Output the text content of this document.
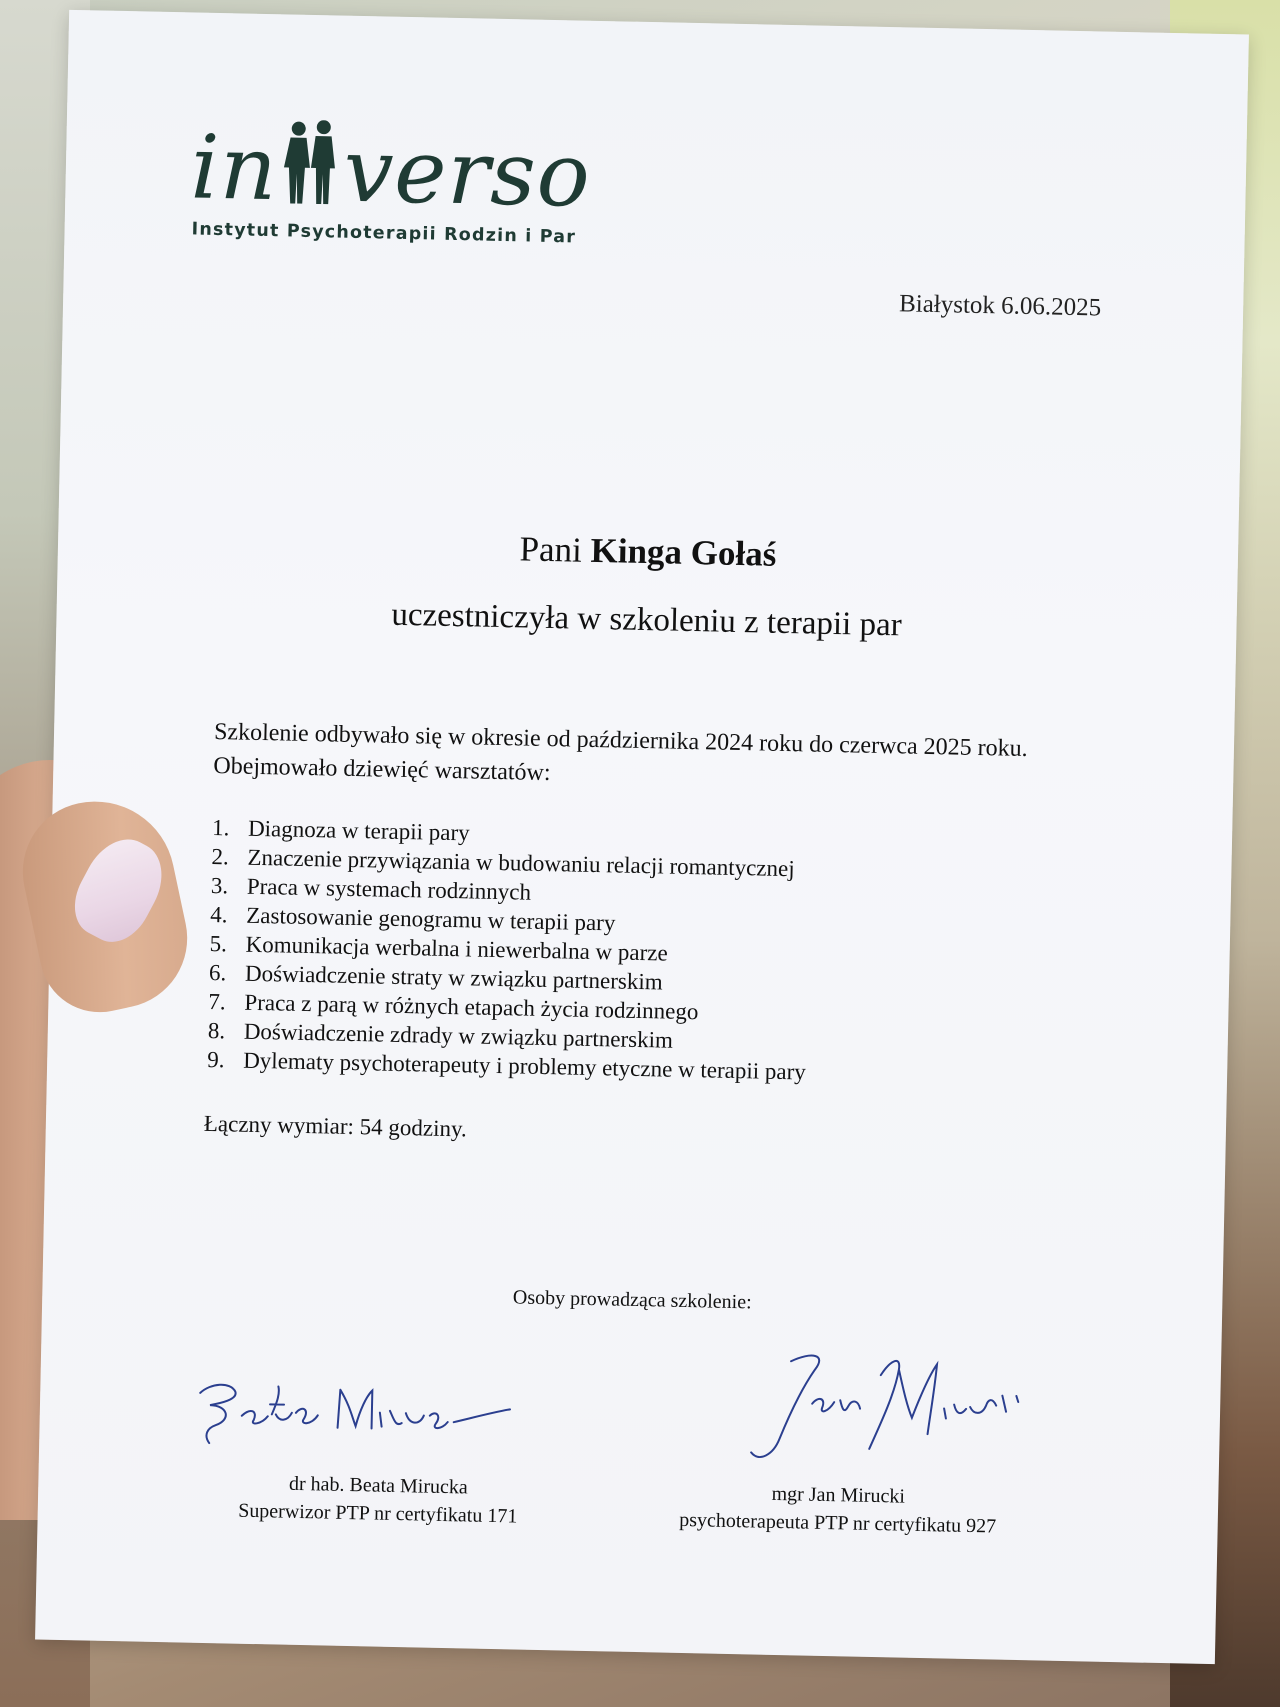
in verso
Instytut Psychoterapii Rodzin i Par
Białystok 6.06.2025
Pani Kinga Gołaś
uczestniczyła w szkoleniu z terapii par
Szkolenie odbywało się w okresie od października 2024 roku do czerwca 2025 roku.
Obejmowało dziewięć warsztatów:
1. Diagnoza w terapii pary
2. Znaczenie przywiązania w budowaniu relacji romantycznej
3. Praca w systemach rodzinnych
4. Zastosowanie genogramu w terapii pary
5. Komunikacja werbalna i niewerbalna w parze
6. Doświadczenie straty w związku partnerskim
7. Praca z parą w różnych etapach życia rodzinnego
8. Doświadczenie zdrady w związku partnerskim
9. Dylematy psychoterapeuty i problemy etyczne w terapii pary
Łączny wymiar: 54 godziny.
Osoby prowadząca szkolenie:
dr hab. Beata Mirucka
Superwizor PTP nr certyfikatu 171
mgr Jan Mirucki
psychoterapeuta PTP nr certyfikatu 927
